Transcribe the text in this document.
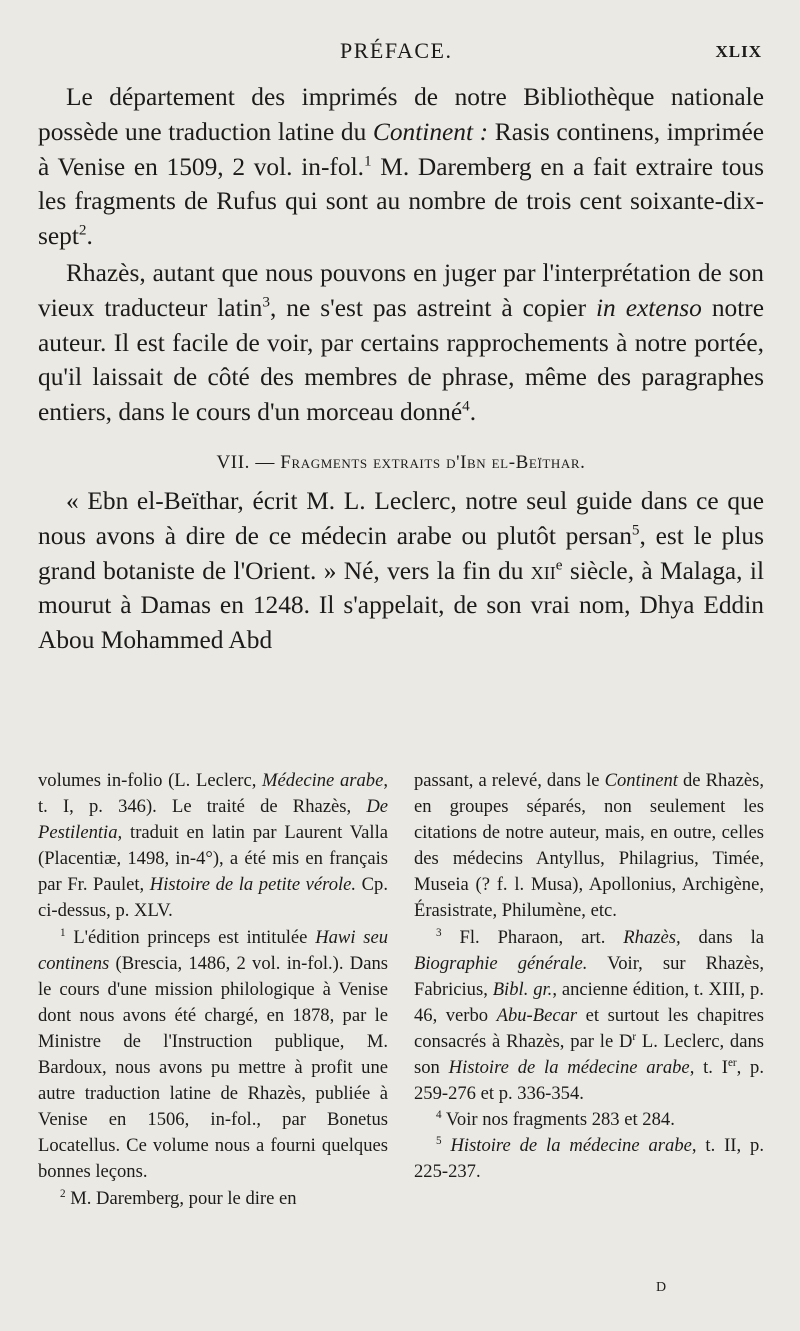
PRÉFACE.	XLIX

Le département des imprimés de notre Bibliothèque nationale possède une traduction latine du Continent : Rasis continens, imprimée à Venise en 1509, 2 vol. in-fol.$^1$ M. Daremberg en a fait extraire tous les fragments de Rufus qui sont au nombre de trois cent soixante-dix-sept$^2$.

Rhazès, autant que nous pouvons en juger par l'interprétation de son vieux traducteur latin$^3$, ne s'est pas astreint à copier in extenso notre auteur. Il est facile de voir, par certains rapprochements à notre portée, qu'il laissait de côté des membres de phrase, même des paragraphes entiers, dans le cours d'un morceau donné$^4$.

VII. — Fragments extraits d'Ibn el-Beïthar.

« Ebn el-Beïthar, écrit M. L. Leclerc, notre seul guide dans ce que nous avons à dire de ce médecin arabe ou plutôt persan$^5$, est le plus grand botaniste de l'Orient. » Né, vers la fin du xii$^e$ siècle, à Malaga, il mourut à Damas en 1248. Il s'appelait, de son vrai nom, Dhya Eddin Abou Mohammed Abd

volumes in-folio (L. Leclerc, Médecine arabe, t. I, p. 346). Le traité de Rhazès, De Pestilentia, traduit en latin par Laurent Valla (Placentiæ, 1498, in-4°), a été mis en français par Fr. Paulet, Histoire de la petite vérole. Cp. ci-dessus, p. XLV.

$^1$ L'édition princeps est intitulée Hawi seu continens (Brescia, 1486, 2 vol. in-fol.). Dans le cours d'une mission philologique à Venise dont nous avons été chargé, en 1878, par le Ministre de l'Instruction publique, M. Bardoux, nous avons pu mettre à profit une autre traduction latine de Rhazès, publiée à Venise en 1506, in-fol., par Bonetus Locatellus. Ce volume nous a fourni quelques bonnes leçons.

$^2$ M. Daremberg, pour le dire en

passant, a relevé, dans le Continent de Rhazès, en groupes séparés, non seulement les citations de notre auteur, mais, en outre, celles des médecins Antyllus, Philagrius, Timée, Museia (? f. l. Musa), Apollonius, Archigène, Érasistrate, Philumène, etc.

$^3$ Fl. Pharaon, art. Rhazès, dans la Biographie générale. Voir, sur Rhazès, Fabricius, Bibl. gr., ancienne édition, t. XIII, p. 46, verbo Abu-Becar et surtout les chapitres consacrés à Rhazès, par le $D^r$ L. Leclerc, dans son Histoire de la médecine arabe, t. Ier, p. 259-276 et p. 336-354.

$^4$ Voir nos fragments 283 et 284.

$^5$ Histoire de la médecine arabe, t. II, p. 225-237.

D
